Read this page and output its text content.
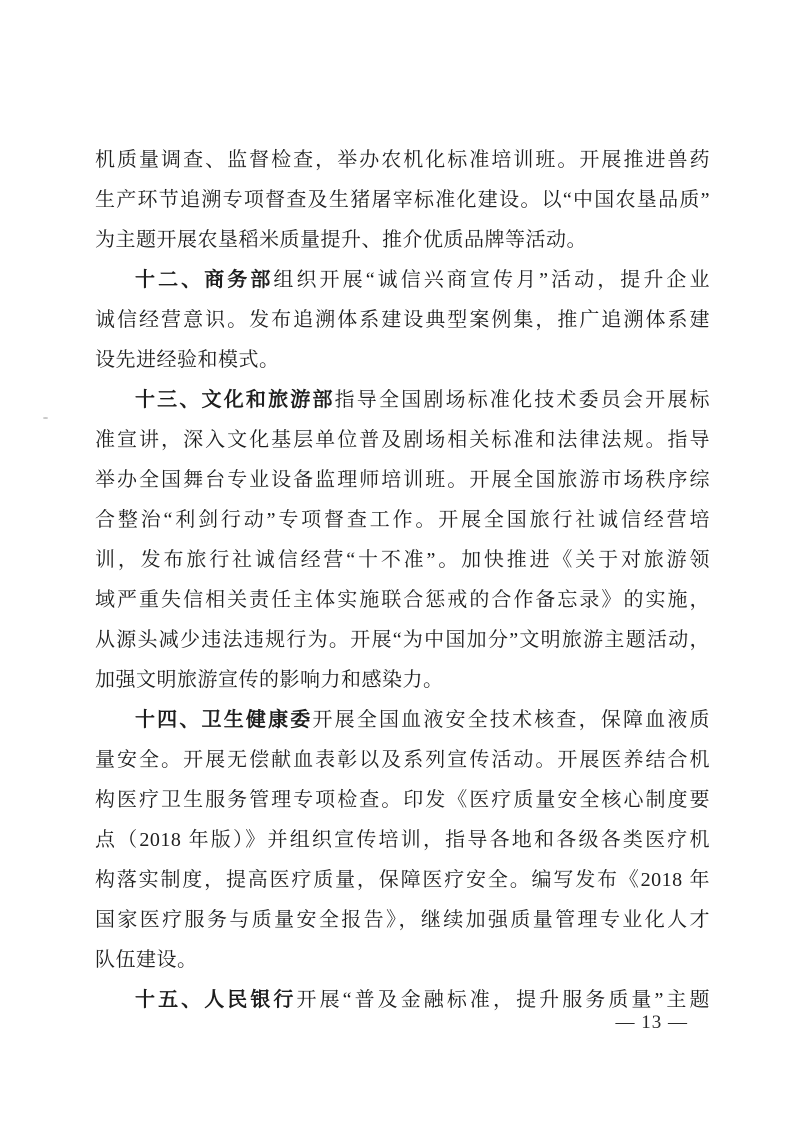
机质量调查、监督检查，举办农机化标准培训班。开展推进兽药
生产环节追溯专项督查及生猪屠宰标准化建设。以“中国农垦品质”
为主题开展农垦稻米质量提升、推介优质品牌等活动。
十二、商务部组织开展“诚信兴商宣传月”活动，提升企业
诚信经营意识。发布追溯体系建设典型案例集，推广追溯体系建
设先进经验和模式。
十三、文化和旅游部指导全国剧场标准化技术委员会开展标
准宣讲，深入文化基层单位普及剧场相关标准和法律法规。指导
举办全国舞台专业设备监理师培训班。开展全国旅游市场秩序综
合整治“利剑行动”专项督查工作。开展全国旅行社诚信经营培
训，发布旅行社诚信经营“十不准”。加快推进《关于对旅游领
域严重失信相关责任主体实施联合惩戒的合作备忘录》的实施，
从源头减少违法违规行为。开展“为中国加分”文明旅游主题活动，
加强文明旅游宣传的影响力和感染力。
十四、卫生健康委开展全国血液安全技术核查，保障血液质
量安全。开展无偿献血表彰以及系列宣传活动。开展医养结合机
构医疗卫生服务管理专项检查。印发《医疗质量安全核心制度要
点（2018 年版）》并组织宣传培训，指导各地和各级各类医疗机
构落实制度，提高医疗质量，保障医疗安全。编写发布《2018 年
国家医疗服务与质量安全报告》，继续加强质量管理专业化人才
队伍建设。
十五、人民银行开展“普及金融标准，提升服务质量”主题
— 13 —
